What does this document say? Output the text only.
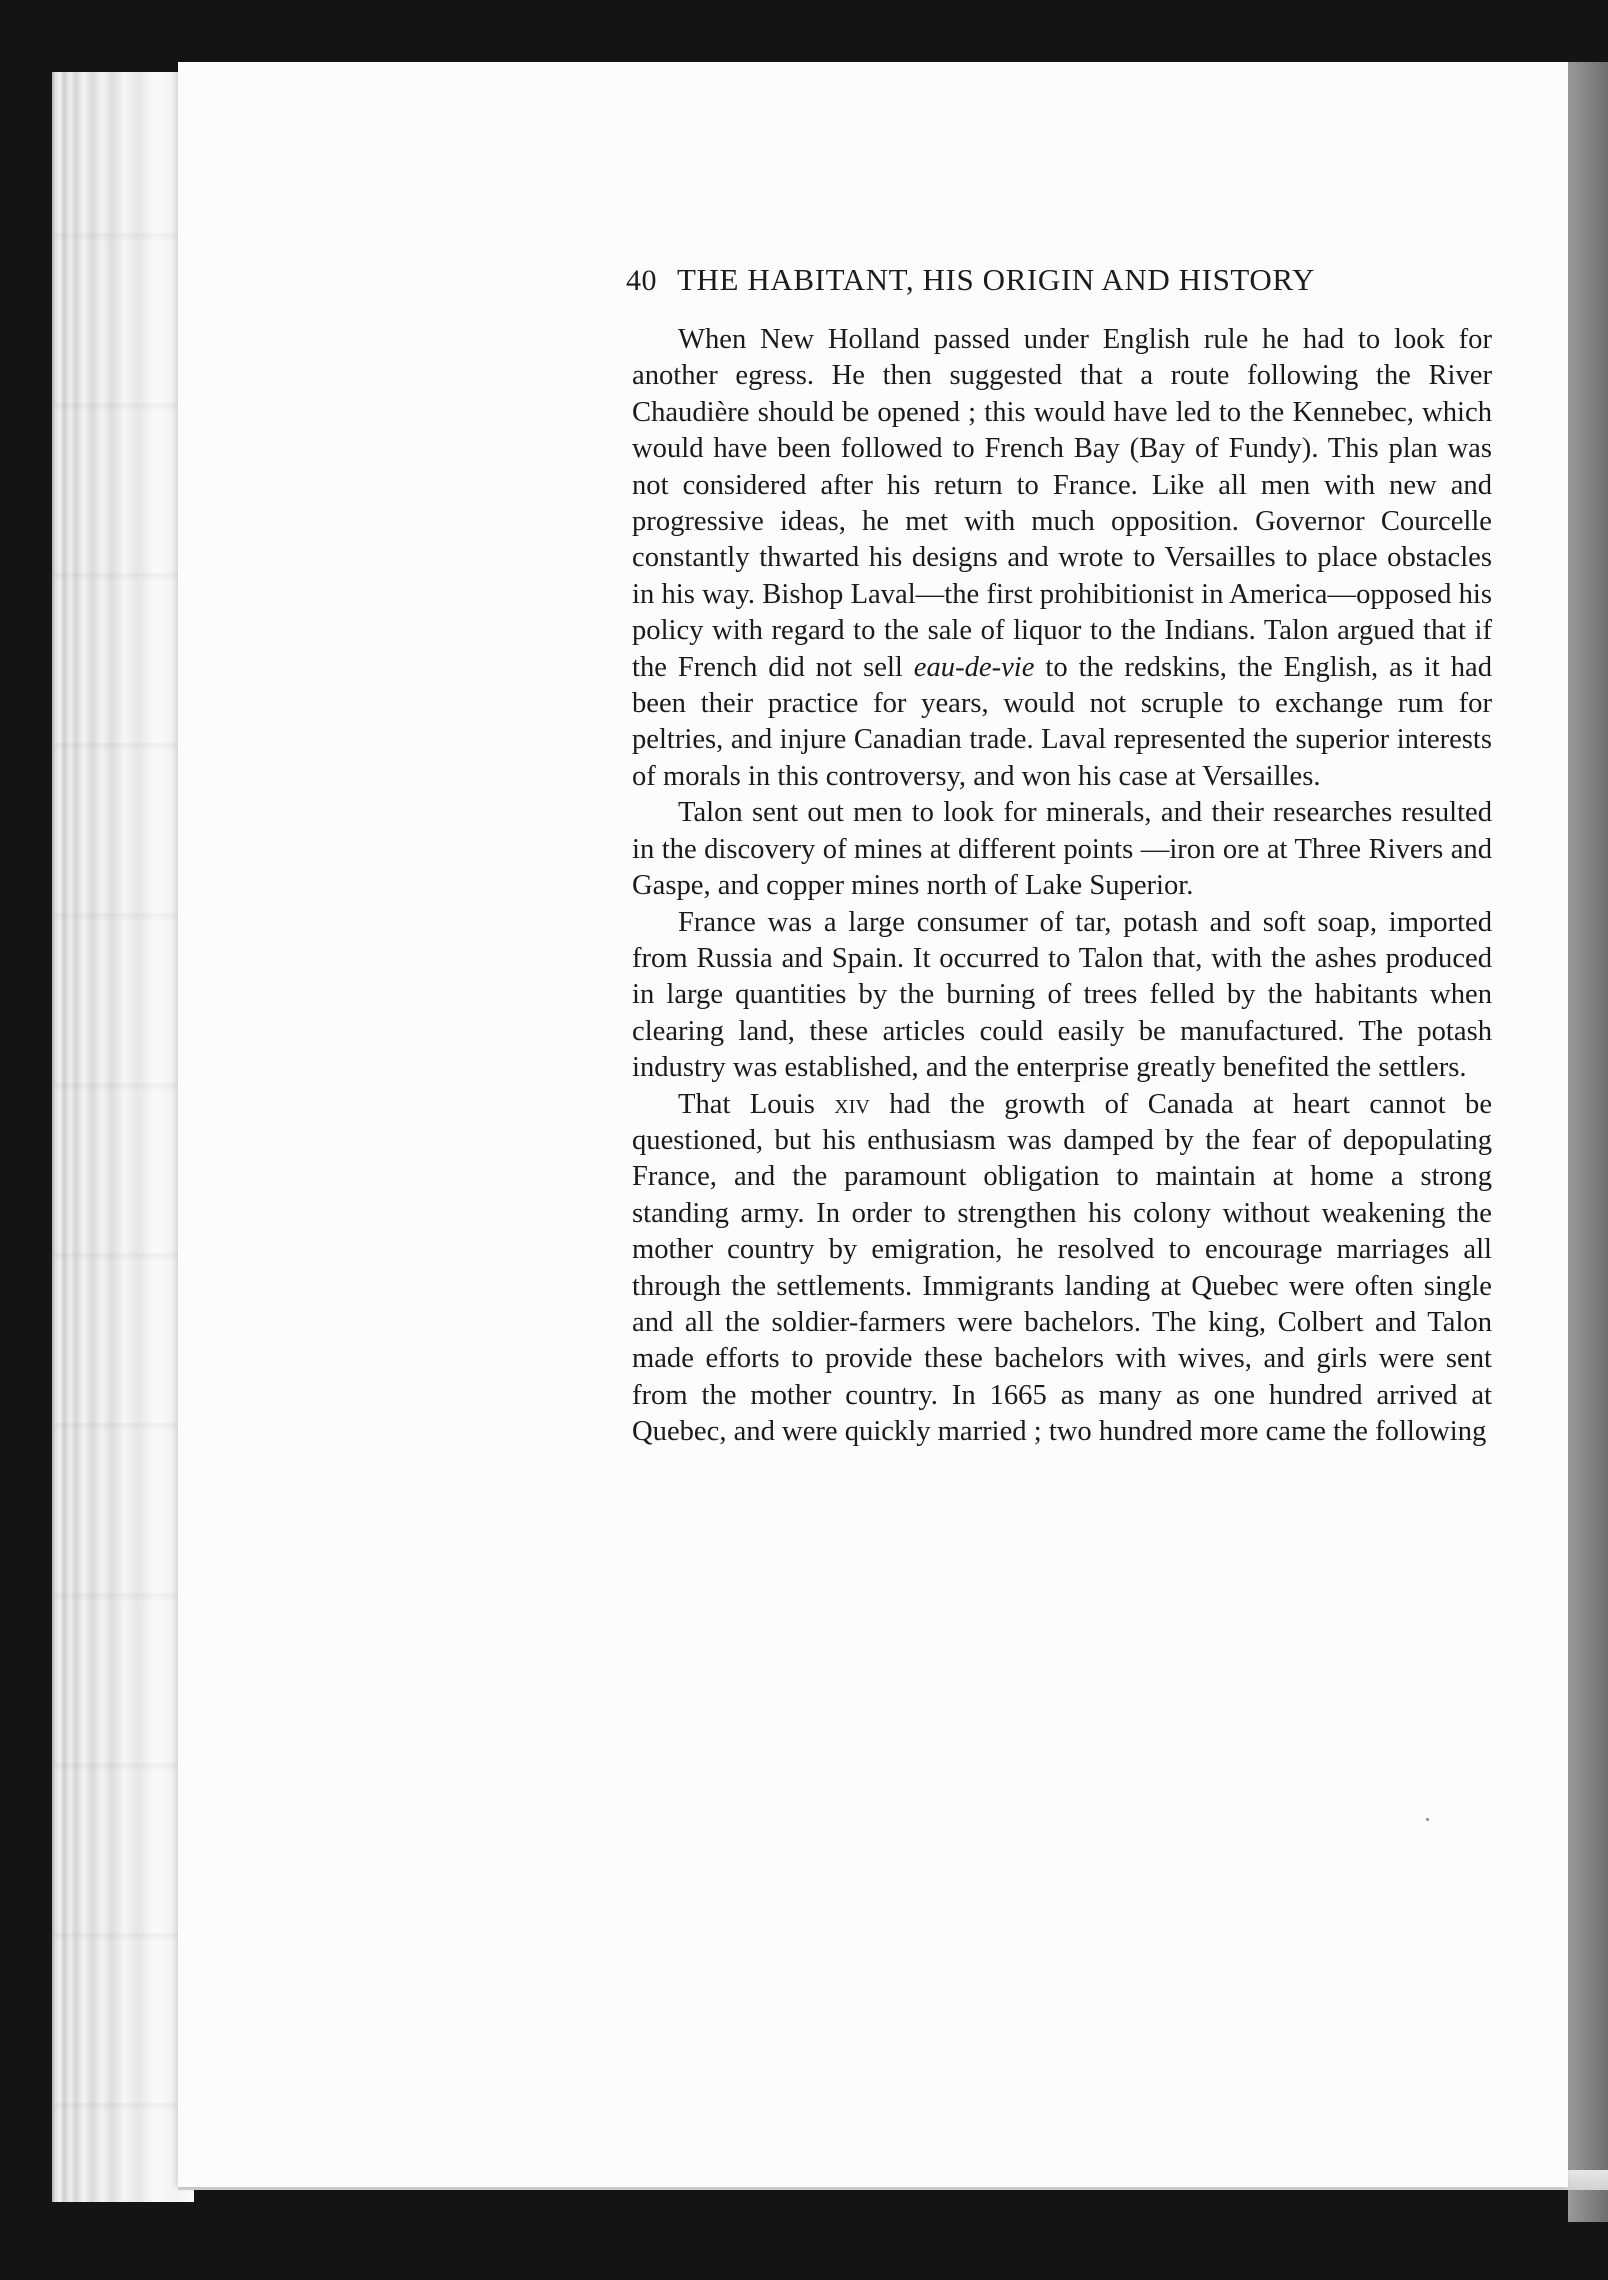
40 THE HABITANT, HIS ORIGIN AND HISTORY

When New Holland passed under English rule he had to look for another egress. He then suggested that a route following the River Chaudière should be opened ; this would have led to the Kennebec, which would have been followed to French Bay (Bay of Fundy). This plan was not considered after his return to France. Like all men with new and progressive ideas, he met with much opposition. Governor Courcelle constantly thwarted his designs and wrote to Versailles to place obstacles in his way. Bishop Laval—the first prohibitionist in America—opposed his policy with regard to the sale of liquor to the Indians. Talon argued that if the French did not sell eau-de-vie to the redskins, the English, as it had been their practice for years, would not scruple to exchange rum for peltries, and injure Canadian trade. Laval represented the superior interests of morals in this controversy, and won his case at Versailles.

Talon sent out men to look for minerals, and their researches resulted in the discovery of mines at different points —iron ore at Three Rivers and Gaspe, and copper mines north of Lake Superior.

France was a large consumer of tar, potash and soft soap, imported from Russia and Spain. It occurred to Talon that, with the ashes produced in large quantities by the burning of trees felled by the habitants when clearing land, these articles could easily be manufactured. The potash industry was established, and the enterprise greatly benefited the settlers.

That Louis xiv had the growth of Canada at heart cannot be questioned, but his enthusiasm was damped by the fear of depopulating France, and the paramount obligation to maintain at home a strong standing army. In order to strengthen his colony without weakening the mother country by emigration, he resolved to encourage marriages all through the settlements. Immigrants landing at Quebec were often single and all the soldier-farmers were bachelors. The king, Colbert and Talon made efforts to provide these bachelors with wives, and girls were sent from the mother country. In 1665 as many as one hundred arrived at Quebec, and were quickly married ; two hundred more came the following
